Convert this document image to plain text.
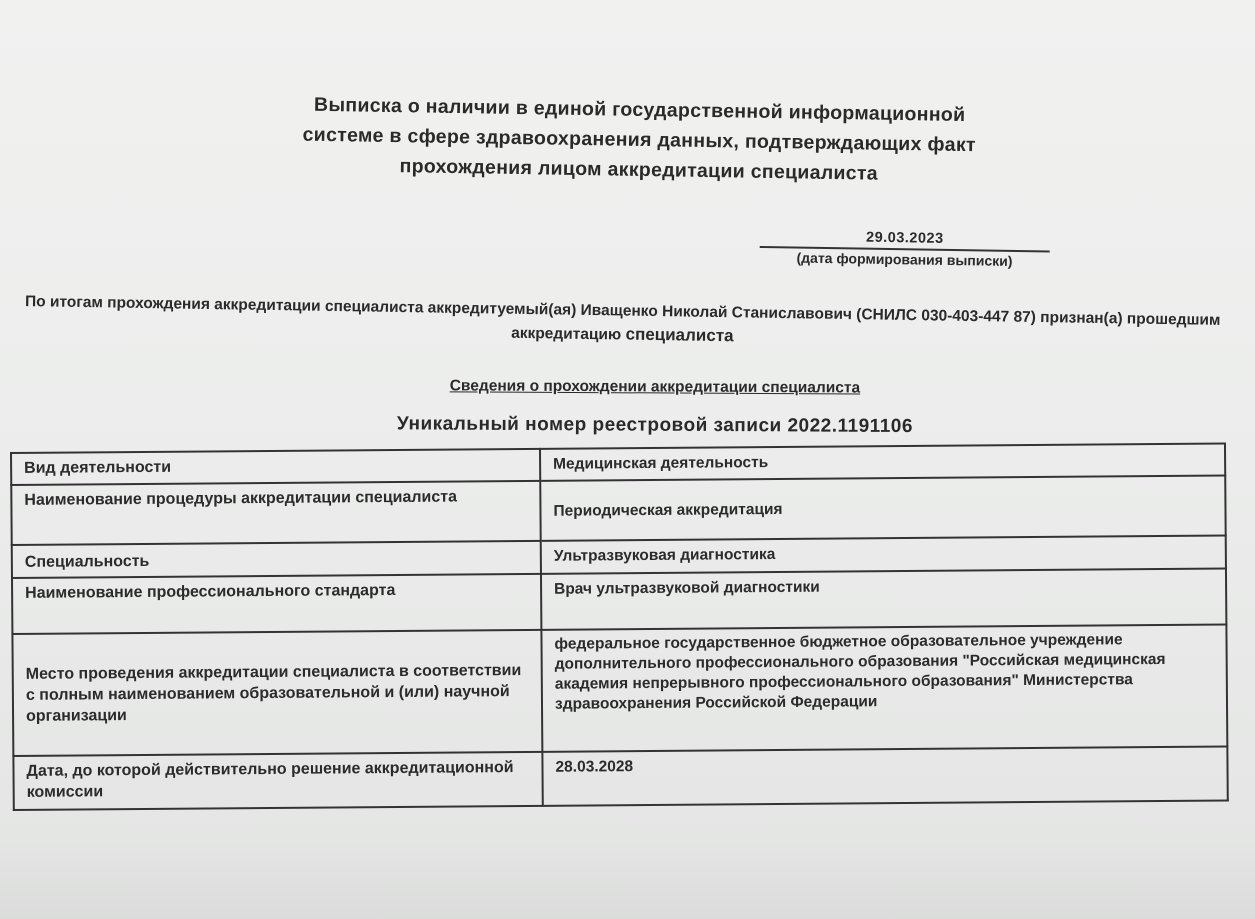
Выписка о наличии в единой государственной информационной
системе в сфере здравоохранения данных, подтверждающих факт
прохождения лицом аккредитации специалиста
29.03.2023
(дата формирования выписки)
По итогам прохождения аккредитации специалиста аккредитуемый(ая) Иващенко Николай Станиславович (СНИЛС 030-403-447 87) признан(а) прошедшим аккредитацию специалиста
Сведения о прохождении аккредитации специалиста
Уникальный номер реестровой записи 2022.1191106
Вид деятельности	Медицинская деятельность
Наименование процедуры аккредитации специалиста	Периодическая аккредитация
Специальность	Ультразвуковая диагностика
Наименование профессионального стандарта	Врач ультразвуковой диагностики
Место проведения аккредитации специалиста в соответствии с полным наименованием образовательной и (или) научной организации	федеральное государственное бюджетное образовательное учреждение дополнительного профессионального образования "Российская медицинская академия непрерывного профессионального образования" Министерства здравоохранения Российской Федерации
Дата, до которой действительно решение аккредитационной комиссии	28.03.2028
